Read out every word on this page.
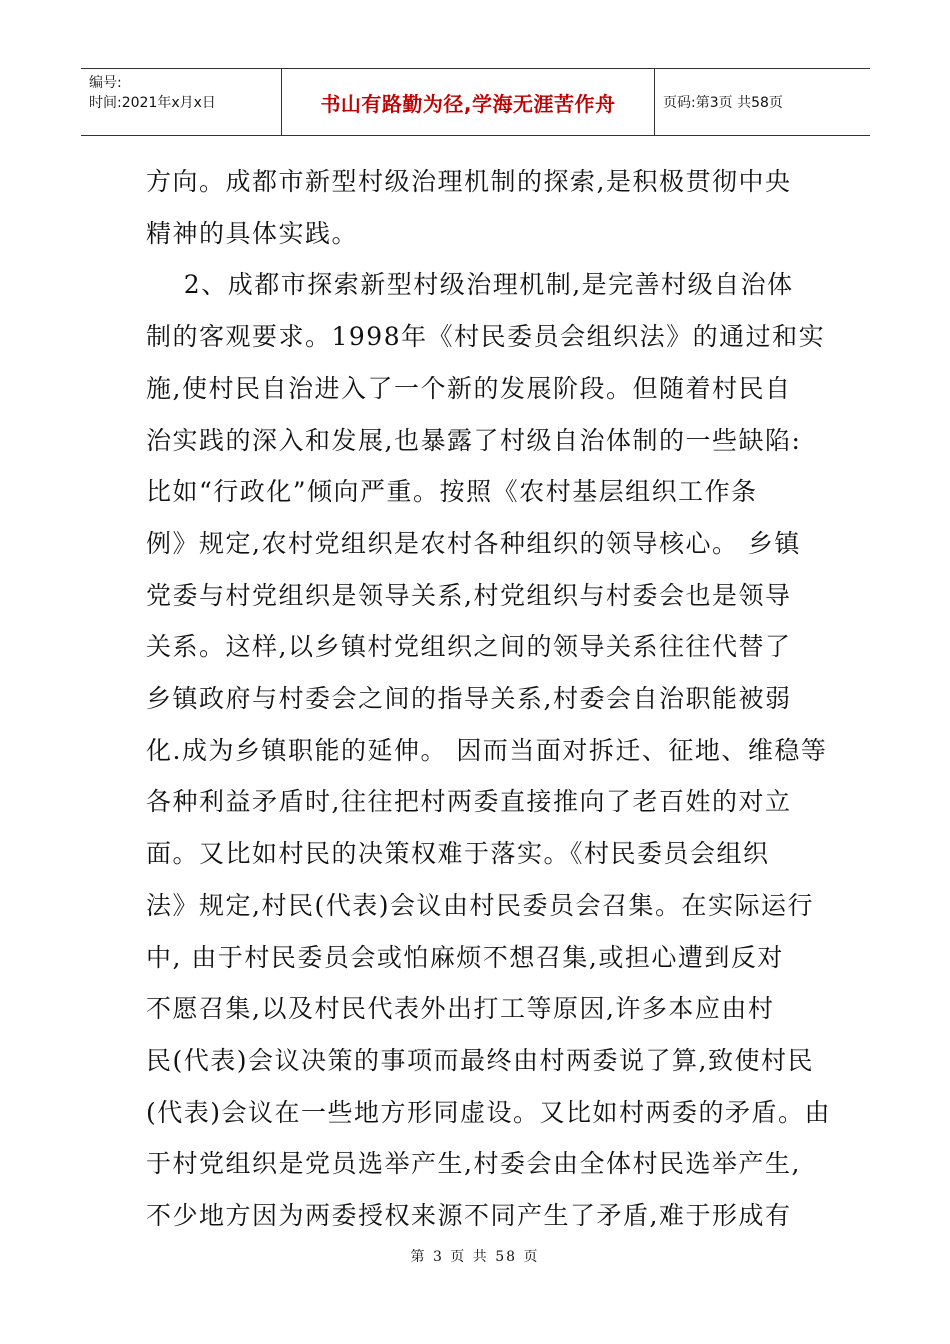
编号:
时间:2021年x月x日	书山有路勤为径,学海无涯苦作舟	页码:第3页 共58页
方向。成都市新型村级治理机制的探索,是积极贯彻中央
精神的具体实践。
2、成都市探索新型村级治理机制,是完善村级自治体
制的客观要求。1998年《村民委员会组织法》的通过和实
施,使村民自治进入了一个新的发展阶段。但随着村民自
治实践的深入和发展,也暴露了村级自治体制的一些缺陷:
比如“行政化”倾向严重。按照《农村基层组织工作条
例》规定,农村党组织是农村各种组织的领导核心。 乡镇
党委与村党组织是领导关系,村党组织与村委会也是领导
关系。这样,以乡镇村党组织之间的领导关系往往代替了
乡镇政府与村委会之间的指导关系,村委会自治职能被弱
化.成为乡镇职能的延伸。 因而当面对拆迁、征地、维稳等
各种利益矛盾时,往往把村两委直接推向了老百姓的对立
面。又比如村民的决策权难于落实。《村民委员会组织
法》规定,村民(代表)会议由村民委员会召集。在实际运行
中, 由于村民委员会或怕麻烦不想召集,或担心遭到反对
不愿召集,以及村民代表外出打工等原因,许多本应由村
民(代表)会议决策的事项而最终由村两委说了算,致使村民
(代表)会议在一些地方形同虚设。又比如村两委的矛盾。由
于村党组织是党员选举产生,村委会由全体村民选举产生,
不少地方因为两委授权来源不同产生了矛盾,难于形成有
第 3 页 共 58 页
